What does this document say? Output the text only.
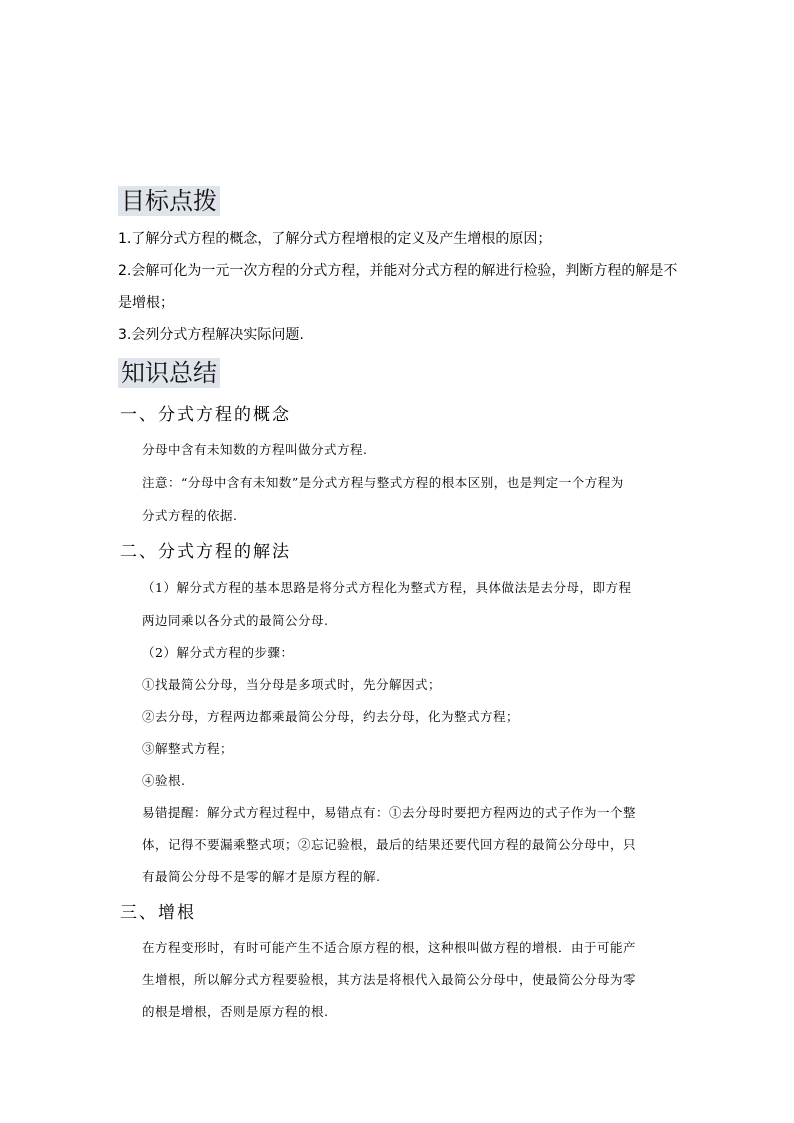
目标点拨
1.了解分式方程的概念，了解分式方程增根的定义及产生增根的原因；
2.会解可化为一元一次方程的分式方程，并能对分式方程的解进行检验，判断方程的解是不
是增根；
3.会列分式方程解决实际问题.
知识总结
一、分式方程的概念
分母中含有未知数的方程叫做分式方程.
注意：“分母中含有未知数”是分式方程与整式方程的根本区别，也是判定一个方程为
分式方程的依据.
二、分式方程的解法
（1）解分式方程的基本思路是将分式方程化为整式方程，具体做法是去分母，即方程
两边同乘以各分式的最简公分母.
（2）解分式方程的步骤：
①找最简公分母，当分母是多项式时，先分解因式；
②去分母，方程两边都乘最简公分母，约去分母，化为整式方程；
③解整式方程；
④验根.
易错提醒：解分式方程过程中，易错点有：①去分母时要把方程两边的式子作为一个整
体，记得不要漏乘整式项；②忘记验根，最后的结果还要代回方程的最简公分母中，只
有最简公分母不是零的解才是原方程的解.
三、增根
在方程变形时，有时可能产生不适合原方程的根，这种根叫做方程的增根．由于可能产
生增根，所以解分式方程要验根，其方法是将根代入最简公分母中，使最简公分母为零
的根是增根，否则是原方程的根.
